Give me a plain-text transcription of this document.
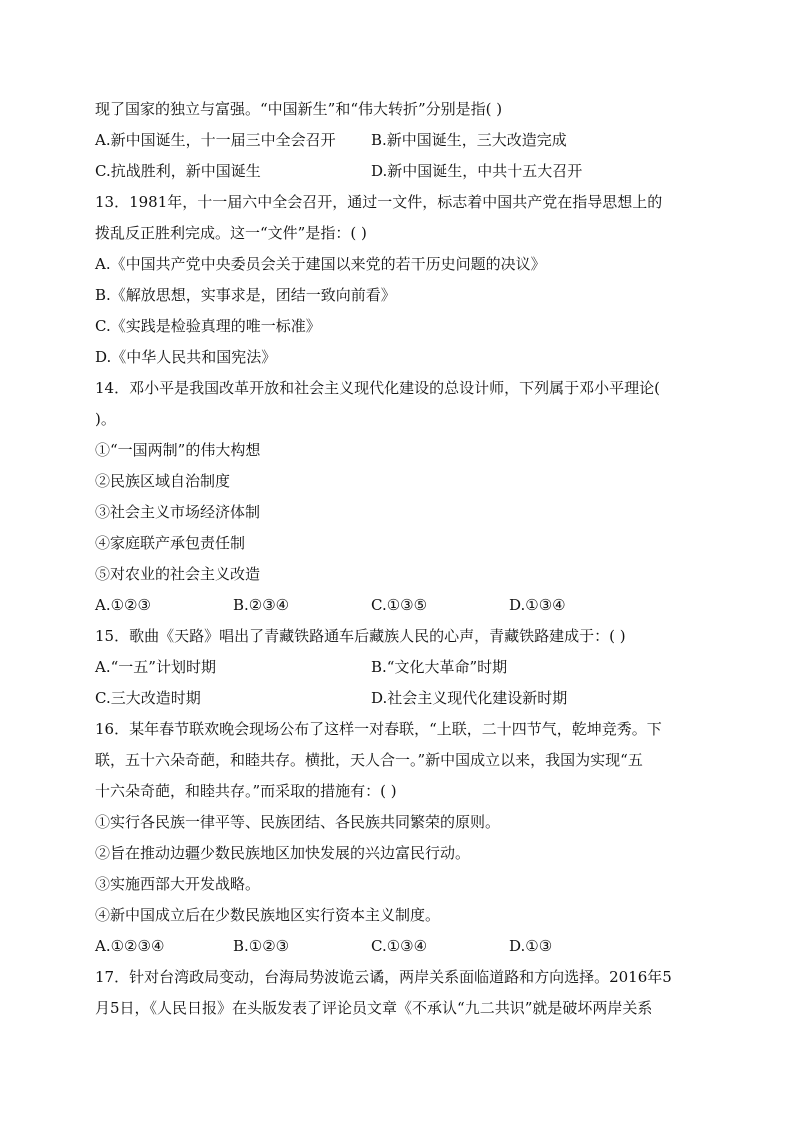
现了国家的独立与富强。“中国新生”和“伟大转折”分别是指( )
A.新中国诞生，十一届三中全会召开 B.新中国诞生，三大改造完成
C.抗战胜利，新中国诞生	D.新中国诞生，中共十五大召开
13．1981年，十一届六中全会召开，通过一文件，标志着中国共产党在指导思想上的
拨乱反正胜利完成。这一“文件”是指：( )
A.《中国共产党中央委员会关于建国以来党的若干历史问题的决议》
B.《解放思想，实事求是，团结一致向前看》
C.《实践是检验真理的唯一标准》
D.《中华人民共和国宪法》
14．邓小平是我国改革开放和社会主义现代化建设的总设计师，下列属于邓小平理论(
)。
①“一国两制”的伟大构想
②民族区域自治制度
③社会主义市场经济体制
④家庭联产承包责任制
⑤对农业的社会主义改造
A.①②③	B.②③④	C.①③⑤	D.①③④
15．歌曲《天路》唱出了青藏铁路通车后藏族人民的心声，青藏铁路建成于：( )
A.“一五”计划时期	B.“文化大革命”时期
C.三大改造时期	D.社会主义现代化建设新时期
16．某年春节联欢晚会现场公布了这样一对春联，“上联，二十四节气，乾坤竞秀。下
联，五十六朵奇葩，和睦共存。横批，天人合一。”新中国成立以来，我国为实现“五
十六朵奇葩，和睦共存。”而采取的措施有：( )
①实行各民族一律平等、民族团结、各民族共同繁荣的原则。
②旨在推动边疆少数民族地区加快发展的兴边富民行动。
③实施西部大开发战略。
④新中国成立后在少数民族地区实行资本主义制度。
A.①②③④	B.①②③	C.①③④	D.①③
17．针对台湾政局变动，台海局势波诡云谲，两岸关系面临道路和方向选择。2016年5
月5日，《人民日报》在头版发表了评论员文章《不承认“九二共识”就是破坏两岸关系
